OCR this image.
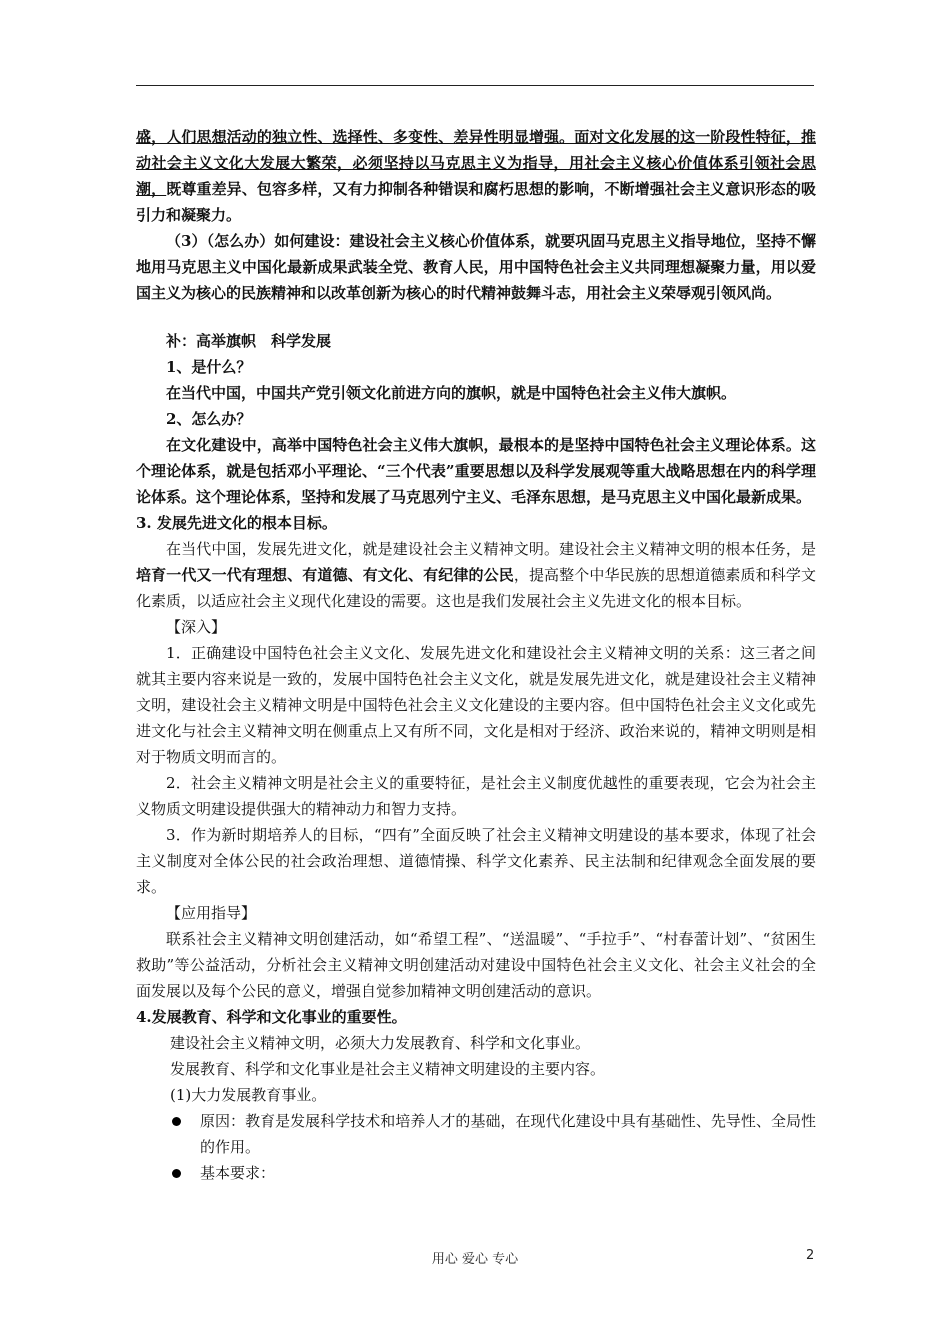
盛，人们思想活动的独立性、选择性、多变性、差异性明显增强。面对文化发展的这一阶段性特征，推动社会主义文化大发展大繁荣，必须坚持以马克思主义为指导，用社会主义核心价值体系引领社会思潮，既尊重差异、包容多样，又有力抑制各种错误和腐朽思想的影响，不断增强社会主义意识形态的吸引力和凝聚力。

（3）（怎么办）如何建设：建设社会主义核心价值体系，就要巩固马克思主义指导地位，坚持不懈地用马克思主义中国化最新成果武装全党、教育人民，用中国特色社会主义共同理想凝聚力量，用以爱国主义为核心的民族精神和以改革创新为核心的时代精神鼓舞斗志，用社会主义荣辱观引领风尚。

补：高举旗帜　科学发展

1、是什么？

在当代中国，中国共产党引领文化前进方向的旗帜，就是中国特色社会主义伟大旗帜。

2、怎么办？

在文化建设中，高举中国特色社会主义伟大旗帜，最根本的是坚持中国特色社会主义理论体系。这个理论体系，就是包括邓小平理论、“三个代表”重要思想以及科学发展观等重大战略思想在内的科学理论体系。这个理论体系，坚持和发展了马克思列宁主义、毛泽东思想，是马克思主义中国化最新成果。

3. 发展先进文化的根本目标。

在当代中国，发展先进文化，就是建设社会主义精神文明。建设社会主义精神文明的根本任务，是培育一代又一代有理想、有道德、有文化、有纪律的公民，提高整个中华民族的思想道德素质和科学文化素质，以适应社会主义现代化建设的需要。这也是我们发展社会主义先进文化的根本目标。

【深入】

1．正确建设中国特色社会主义文化、发展先进文化和建设社会主义精神文明的关系：这三者之间就其主要内容来说是一致的，发展中国特色社会主义文化，就是发展先进文化，就是建设社会主义精神文明，建设社会主义精神文明是中国特色社会主义文化建设的主要内容。但中国特色社会主义文化或先进文化与社会主义精神文明在侧重点上又有所不同，文化是相对于经济、政治来说的，精神文明则是相对于物质文明而言的。

2．社会主义精神文明是社会主义的重要特征，是社会主义制度优越性的重要表现，它会为社会主义物质文明建设提供强大的精神动力和智力支持。

3．作为新时期培养人的目标，“四有”全面反映了社会主义精神文明建设的基本要求，体现了社会主义制度对全体公民的社会政治理想、道德情操、科学文化素养、民主法制和纪律观念全面发展的要求。

【应用指导】

联系社会主义精神文明创建活动，如“希望工程”、“送温暖”、“手拉手”、“村春蕾计划”、“贫困生救助”等公益活动，分析社会主义精神文明创建活动对建设中国特色社会主义文化、社会主义社会的全面发展以及每个公民的意义，增强自觉参加精神文明创建活动的意识。

4.发展教育、科学和文化事业的重要性。

建设社会主义精神文明，必须大力发展教育、科学和文化事业。

发展教育、科学和文化事业是社会主义精神文明建设的主要内容。

(1)大力发展教育事业。

原因：教育是发展科学技术和培养人才的基础，在现代化建设中具有基础性、先导性、全局性的作用。

基本要求：

用心 爱心 专心	2
